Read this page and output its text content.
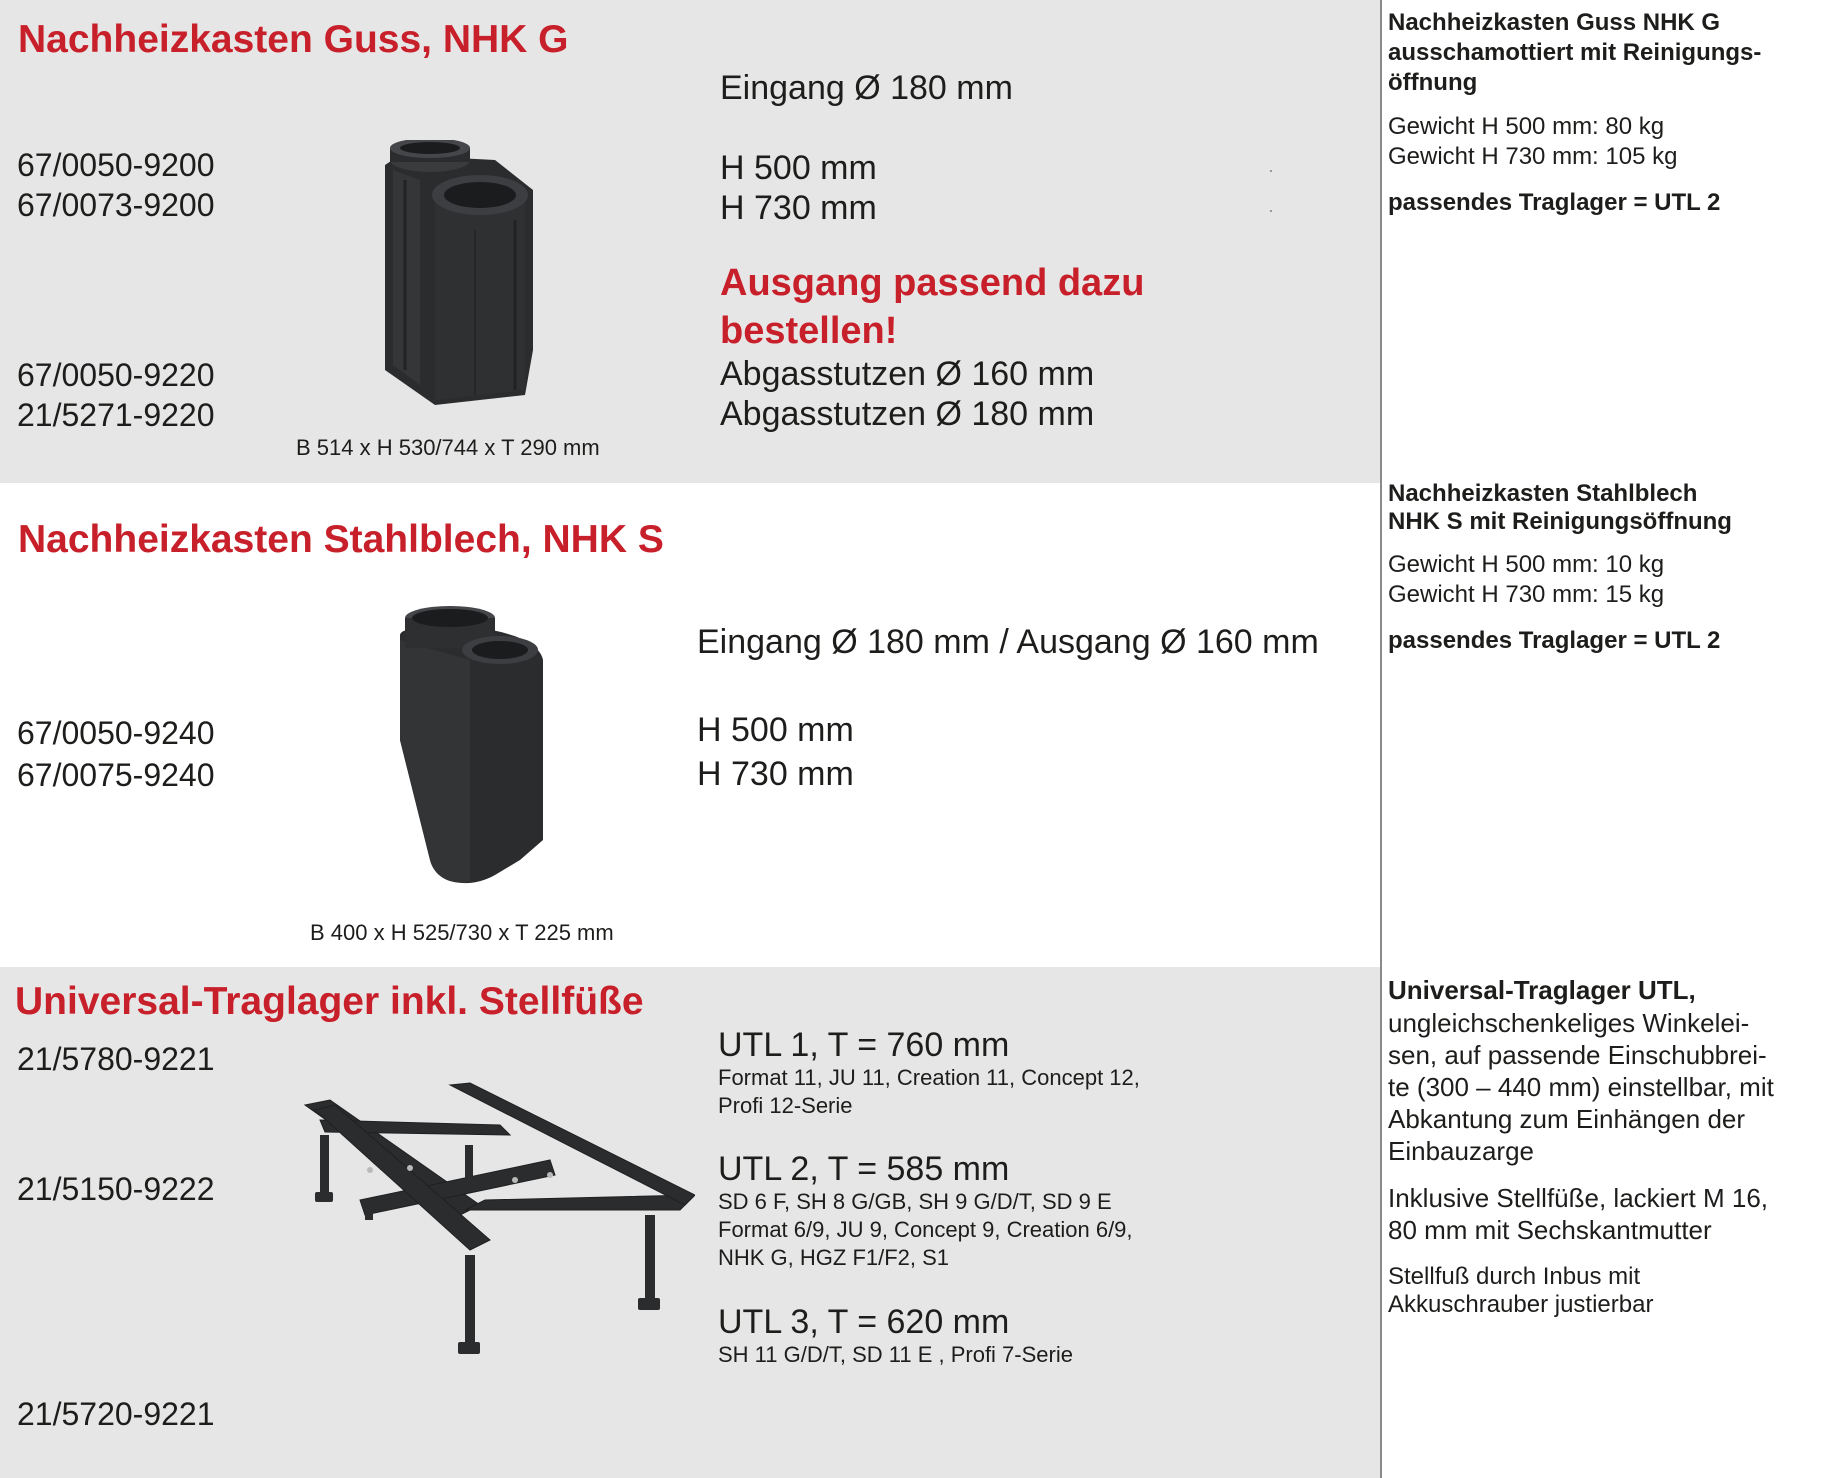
Nachheizkasten Guss, NHK G
67/0050-9200
67/0073-9200
67/0050-9220
21/5271-9220
Eingang Ø 180 mm
H 500 mm
H 730 mm
Ausgang passend dazu
bestellen!
Abgasstutzen Ø 160 mm
Abgasstutzen Ø 180 mm
B 514 x H 530/744 x T 290 mm
Nachheizkasten Stahlblech, NHK S
67/0050-9240
67/0075-9240
Eingang Ø 180 mm / Ausgang Ø 160 mm
H 500 mm
H 730 mm
B 400 x H 525/730 x T 225 mm
Universal-Traglager inkl. Stellfüße
21/5780-9221
21/5150-9222
21/5720-9221
UTL 1, T = 760 mm
Format 11, JU 11, Creation 11, Concept 12,
Profi 12-Serie
UTL 2, T = 585 mm
SD 6 F, SH 8 G/GB, SH 9 G/D/T, SD 9 E
Format 6/9, JU 9, Concept 9, Creation 6/9,
NHK G, HGZ F1/F2, S1
UTL 3, T = 620 mm
SH 11 G/D/T, SD 11 E , Profi 7-Serie
Nachheizkasten Guss NHK G
ausschamottiert mit Reinigungs-
öffnung
Gewicht H 500 mm: 80 kg
Gewicht H 730 mm: 105 kg
passendes Traglager = UTL 2
Nachheizkasten Stahlblech
NHK S mit Reinigungsöffnung
Gewicht H 500 mm: 10 kg
Gewicht H 730 mm: 15 kg
passendes Traglager = UTL 2
Universal-Traglager UTL,
ungleichschenkeliges Winkelei-
sen, auf passende Einschubbrei-
te (300 – 440 mm) einstellbar, mit
Abkantung zum Einhängen der
Einbauzarge
Inklusive Stellfüße, lackiert M 16,
80 mm mit Sechskantmutter
Stellfuß durch Inbus mit
Akkuschrauber justierbar
